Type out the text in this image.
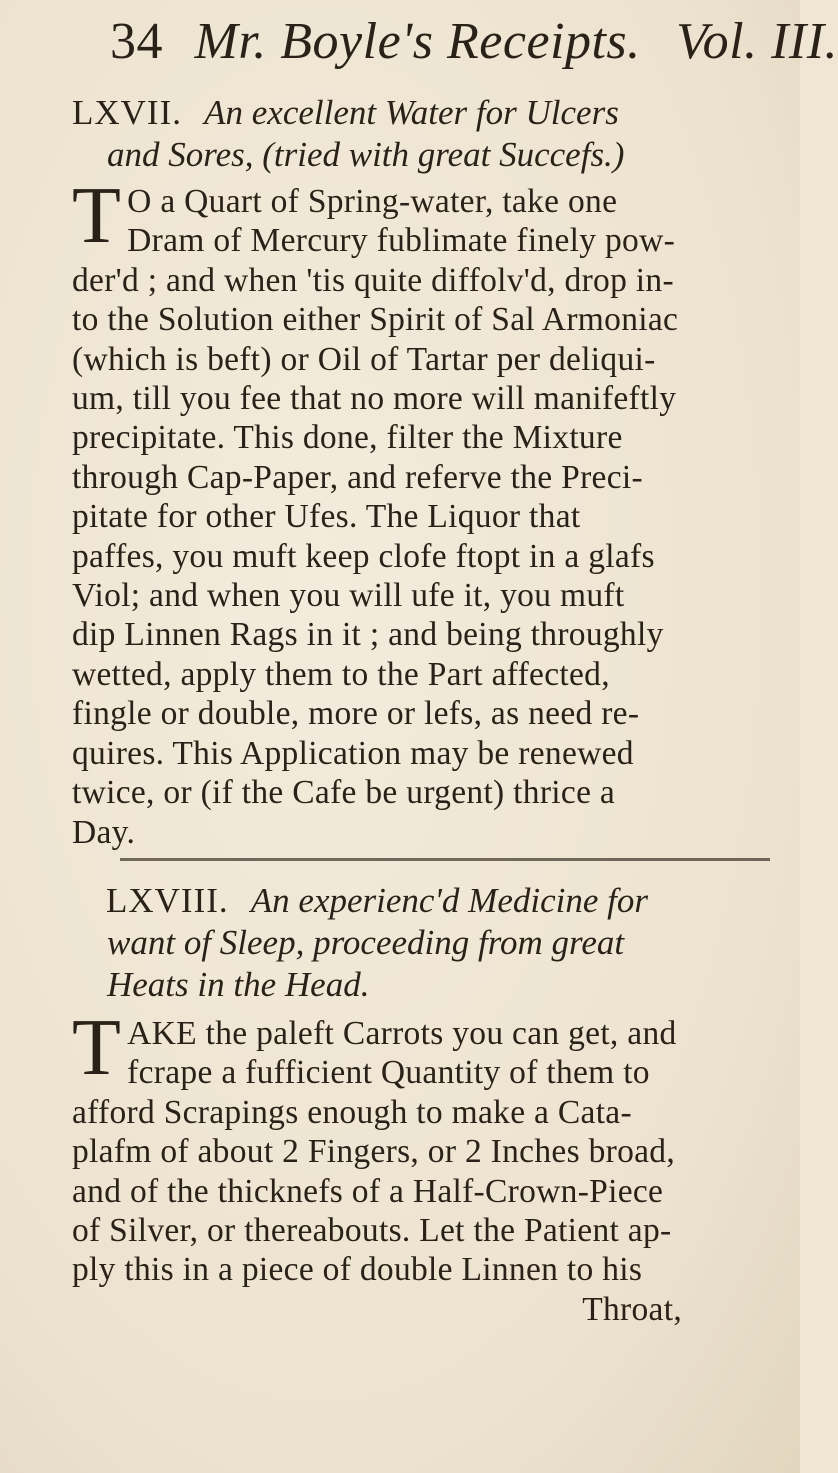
34 Mr. Boyle's Receipts. Vol. III.
LXVII. An excellent Water for Ulcers
and Sores, (tried with great Succefs.)
T O a Quart of Spring-water, take one
Dram of Mercury fublimate finely pow-
der'd ; and when 'tis quite diffolv'd, drop in-
to the Solution either Spirit of Sal Armoniac
(which is beft) or Oil of Tartar per deliqui-
um, till you fee that no more will manifeftly
precipitate. This done, filter the Mixture
through Cap-Paper, and referve the Preci-
pitate for other Ufes. The Liquor that
paffes, you muft keep clofe ftopt in a glafs
Viol; and when you will ufe it, you muft
dip Linnen Rags in it ; and being throughly
wetted, apply them to the Part affected,
fingle or double, more or lefs, as need re-
quires. This Application may be renewed
twice, or (if the Cafe be urgent) thrice a
Day.
LXVIII. An experienc'd Medicine for
want of Sleep, proceeding from great
Heats in the Head.
T AKE the paleft Carrots you can get, and
fcrape a fufficient Quantity of them to
afford Scrapings enough to make a Cata-
plafm of about 2 Fingers, or 2 Inches broad,
and of the thicknefs of a Half-Crown-Piece
of Silver, or thereabouts. Let the Patient ap-
ply this in a piece of double Linnen to his
Throat,
